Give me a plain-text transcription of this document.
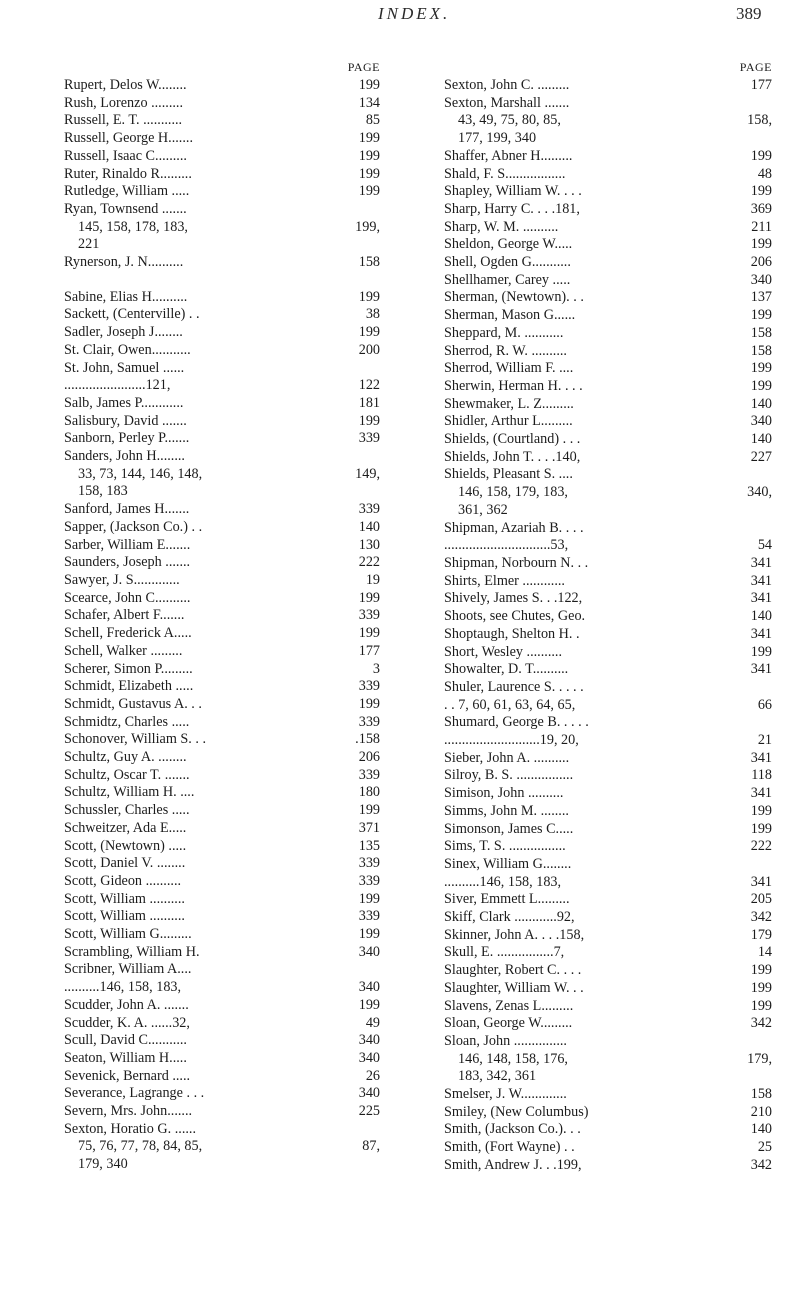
INDEX.	389
PAGE
Rupert, Delos W........	199
Rush, Lorenzo .........	134
Russell, E. T. ...........	85
Russell, George H.......	199
Russell, Isaac C.........	199
Ruter, Rinaldo R.........	199
Rutledge, William .....	199
Ryan, Townsend .......
145, 158, 178, 183,	199,
221
Rynerson, J. N..........	158
Sabine, Elias H..........	199
Sackett, (Centerville) . .	38
Sadler, Joseph J........	199
St. Clair, Owen...........	200
St. John, Samuel ......
.......................121,	122
Salb, James P............	181
Salisbury, David .......	199
Sanborn, Perley P.......	339
Sanders, John H........
33, 73, 144, 146, 148,	149,
158, 183
Sanford, James H.......	339
Sapper, (Jackson Co.) . .	140
Sarber, William E.......	130
Saunders, Joseph .......	222
Sawyer, J. S.............	19
Scearce, John C..........	199
Schafer, Albert F.......	339
Schell, Frederick A.....	199
Schell, Walker .........	177
Scherer, Simon P.........	3
Schmidt, Elizabeth .....	339
Schmidt, Gustavus A. . .	199
Schmidtz, Charles .....	339
Schonover, William S. . .	.158
Schultz, Guy A. ........	206
Schultz, Oscar T. .......	339
Schultz, William H. ....	180
Schussler, Charles .....	199
Schweitzer, Ada E.....	371
Scott, (Newtown) .....	135
Scott, Daniel V. ........	339
Scott, Gideon ..........	339
Scott, William ..........	199
Scott, William ..........	339
Scott, William G.........	199
Scrambling, William H.	340
Scribner, William A....
..........146, 158, 183,	340
Scudder, John A. .......	199
Scudder, K. A. ......32,	49
Scull, David C...........	340
Seaton, William H.....	340
Sevenick, Bernard .....	26
Severance, Lagrange . . .	340
Severn, Mrs. John.......	225
Sexton, Horatio G. ......
75, 76, 77, 78, 84, 85,	87,
179, 340
PAGE
Sexton, John C. .........	177
Sexton, Marshall .......
43, 49, 75, 80, 85,	158,
177, 199, 340
Shaffer, Abner H.........	199
Shald, F. S.................	48
Shapley, William W. . . .	199
Sharp, Harry C. . . .181,	369
Sharp, W. M. ..........	211
Sheldon, George W.....	199
Shell, Ogden G...........	206
Shellhamer, Carey .....	340
Sherman, (Newtown). . .	137
Sherman, Mason G......	199
Sheppard, M. ...........	158
Sherrod, R. W. ..........	158
Sherrod, William F. ....	199
Sherwin, Herman H. . . .	199
Shewmaker, L. Z.........	140
Shidler, Arthur L.........	340
Shields, (Courtland) . . .	140
Shields, John T. . . .140,	227
Shields, Pleasant S. ....
146, 158, 179, 183,	340,
361, 362
Shipman, Azariah B. . . .
..............................53,	54
Shipman, Norbourn N. . .	341
Shirts, Elmer ............	341
Shively, James S. . .122,	341
Shoots, see Chutes, Geo.	140
Shoptaugh, Shelton H. .	341
Short, Wesley ..........	199
Showalter, D. T..........	341
Shuler, Laurence S. . . . .
. . 7, 60, 61, 63, 64, 65,	66
Shumard, George B. . . . .
...........................19, 20,	21
Sieber, John A. ..........	341
Silroy, B. S. ................	118
Simison, John ..........	341
Simms, John M. ........	199
Simonson, James C.....	199
Sims, T. S. ................	222
Sinex, William G........
..........146, 158, 183,	341
Siver, Emmett L.........	205
Skiff, Clark ............92,	342
Skinner, John A. . . .158,	179
Skull, E. ................7,	14
Slaughter, Robert C. . . .	199
Slaughter, William W. . .	199
Slavens, Zenas L.........	199
Sloan, George W.........	342
Sloan, John ...............
146, 148, 158, 176,	179,
183, 342, 361
Smelser, J. W.............	158
Smiley, (New Columbus)	210
Smith, (Jackson Co.). . .	140
Smith, (Fort Wayne) . .	25
Smith, Andrew J. . .199,	342
